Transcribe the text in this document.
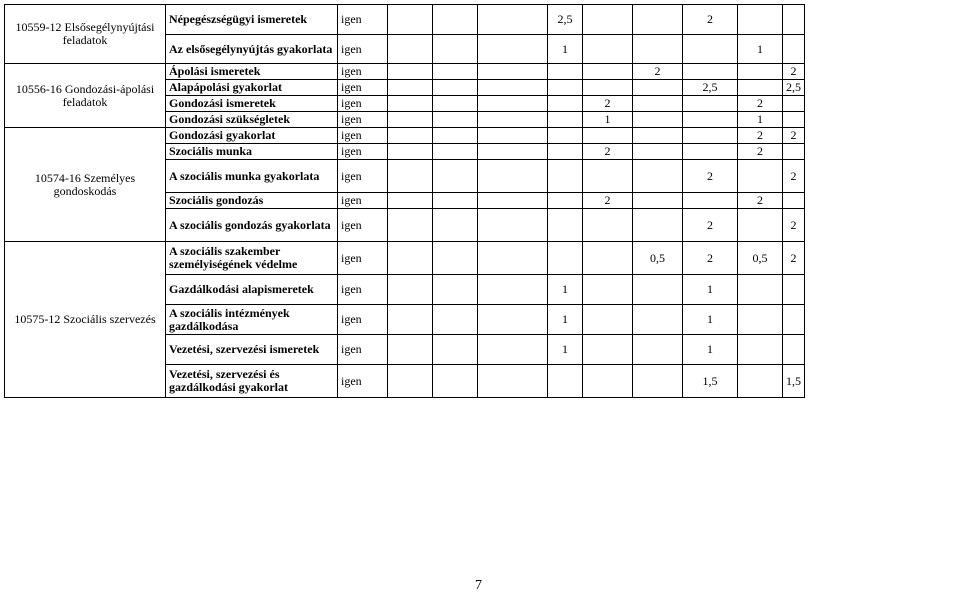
10559-12 Elsősegélynyújtási feladatok	Népegészségügyi ismeretek	igen				2,5			2		
	Az elsősegélynyújtás gyakorlata	igen				1				1	
10556-16 Gondozási-ápolási feladatok	Ápolási ismeretek	igen						2			2
	Alapápolási gyakorlat	igen							2,5		2,5
	Gondozási ismeretek	igen					2			2	
	Gondozási szükségletek	igen					1			1	
10574-16 Személyes gondoskodás	Gondozási gyakorlat	igen								2	2
	Szociális munka	igen					2			2	
	A szociális munka gyakorlata	igen							2		2
	Szociális gondozás	igen					2			2	
	A szociális gondozás gyakorlata	igen							2		2
10575-12 Szociális szervezés	A szociális szakember személyiségének védelme	igen						0,5	2	0,5	2
	Gazdálkodási alapismeretek	igen				1			1		
	A szociális intézmények gazdálkodása	igen				1			1		
	Vezetési, szervezési ismeretek	igen				1			1		
	Vezetési, szervezési és gazdálkodási gyakorlat	igen							1,5		1,5
7
